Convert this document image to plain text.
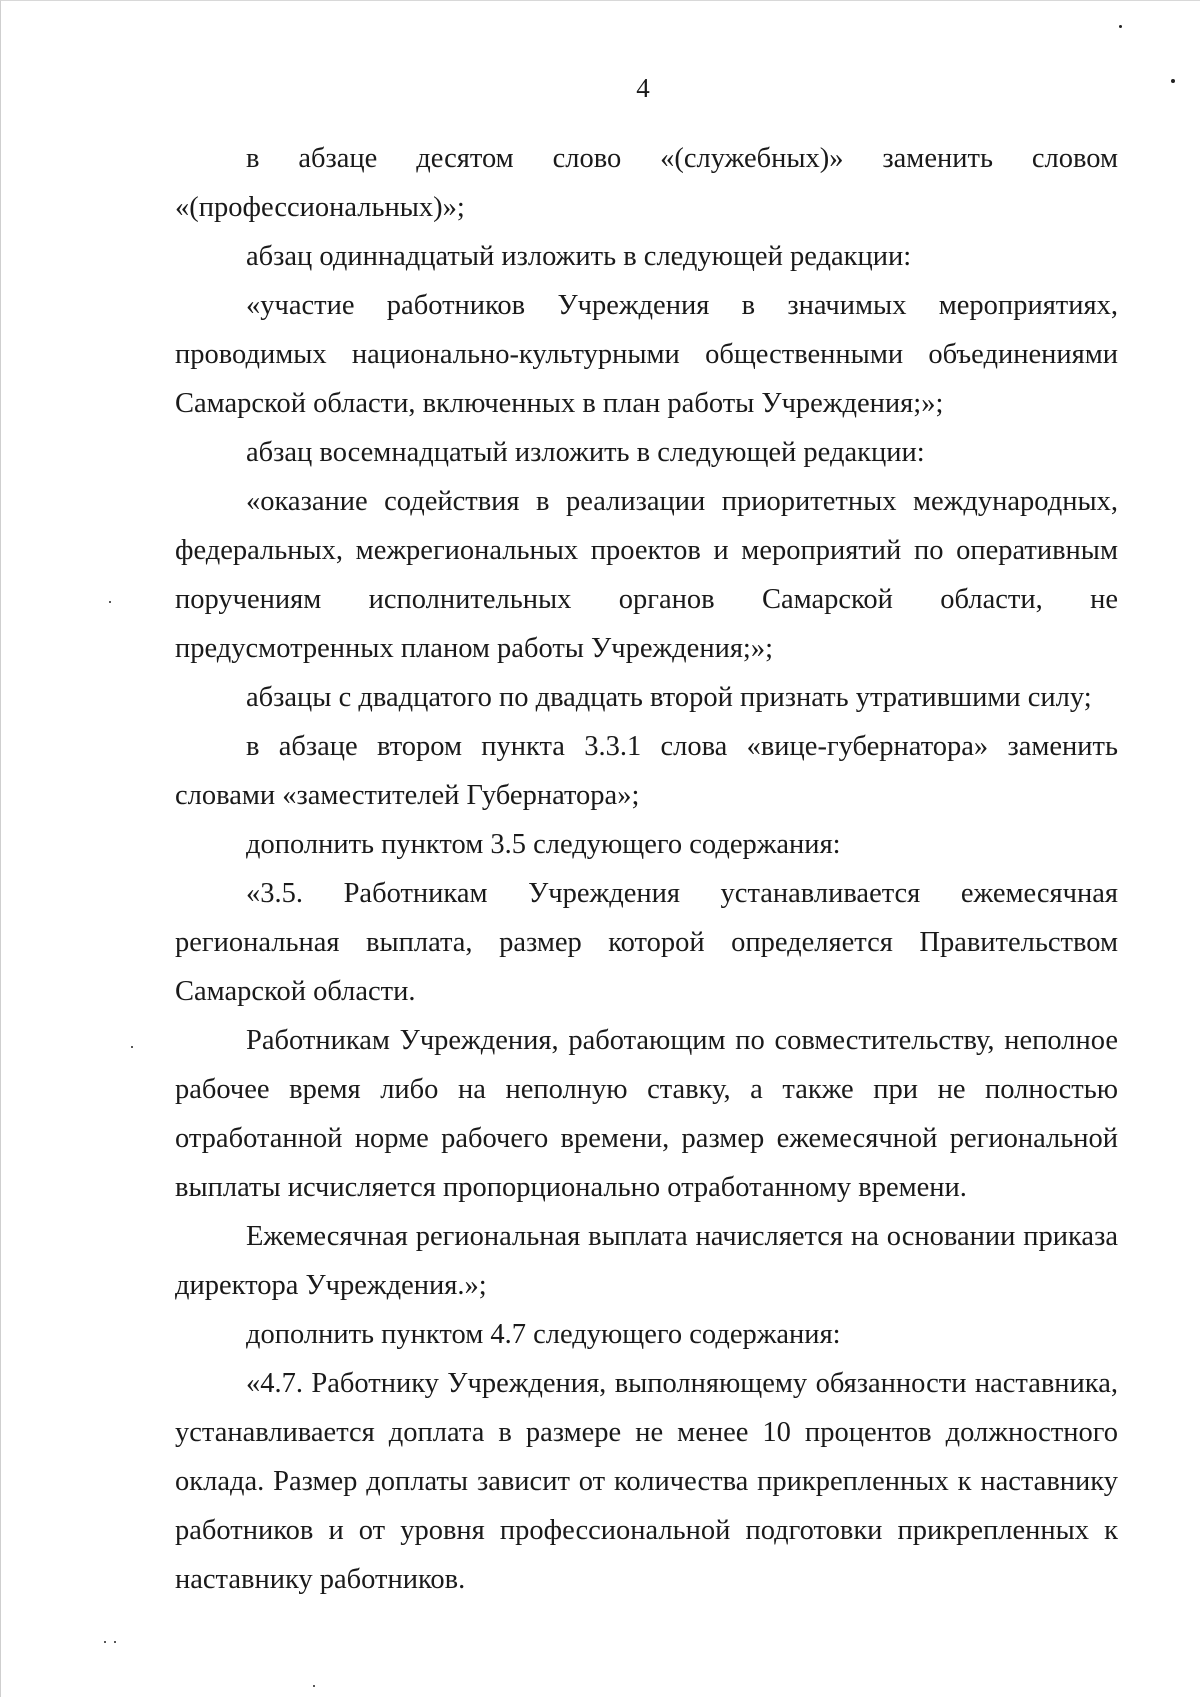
4

в абзаце десятом слово «(служебных)» заменить словом «(профессиональных)»;

абзац одиннадцатый изложить в следующей редакции:

«участие работников Учреждения в значимых мероприятиях, проводимых национально-культурными общественными объединениями Самарской области, включенных в план работы Учреждения;»;

абзац восемнадцатый изложить в следующей редакции:

«оказание содействия в реализации приоритетных международных, федеральных, межрегиональных проектов и мероприятий по оперативным поручениям исполнительных органов Самарской области, не предусмотренных планом работы Учреждения;»;

абзацы с двадцатого по двадцать второй признать утратившими силу;

в абзаце втором пункта 3.3.1 слова «вице-губернатора» заменить словами «заместителей Губернатора»;

дополнить пунктом 3.5 следующего содержания:

«3.5. Работникам Учреждения устанавливается ежемесячная региональная выплата, размер которой определяется Правительством Самарской области.

Работникам Учреждения, работающим по совместительству, неполное рабочее время либо на неполную ставку, а также при не полностью отработанной норме рабочего времени, размер ежемесячной региональной выплаты исчисляется пропорционально отработанному времени.

Ежемесячная региональная выплата начисляется на основании приказа директора Учреждения.»;

дополнить пунктом 4.7 следующего содержания:

«4.7. Работнику Учреждения, выполняющему обязанности наставника, устанавливается доплата в размере не менее 10 процентов должностного оклада. Размер доплаты зависит от количества прикрепленных к наставнику работников и от уровня профессиональной подготовки прикрепленных к наставнику работников.
